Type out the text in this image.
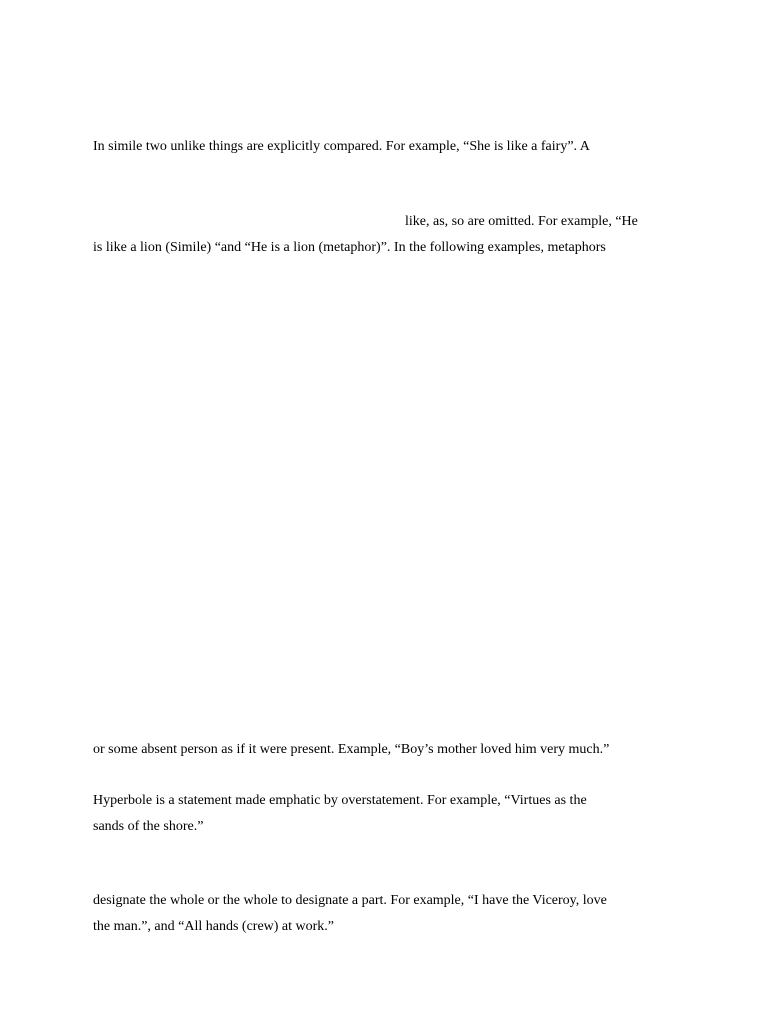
In simile two unlike things are explicitly compared. For example, “She is like a fairy”. A

like, as, so are omitted. For example, “He

is like a lion (Simile) “and “He is a lion (metaphor)”. In the following examples, metaphors

or some absent person as if it were present. Example, “Boy’s mother loved him very much.”

Hyperbole is a statement made emphatic by overstatement. For example, “Virtues as the

sands of the shore.”

designate the whole or the whole to designate a part. For example, “I have the Viceroy, love

the man.”, and “All hands (crew) at work.”
